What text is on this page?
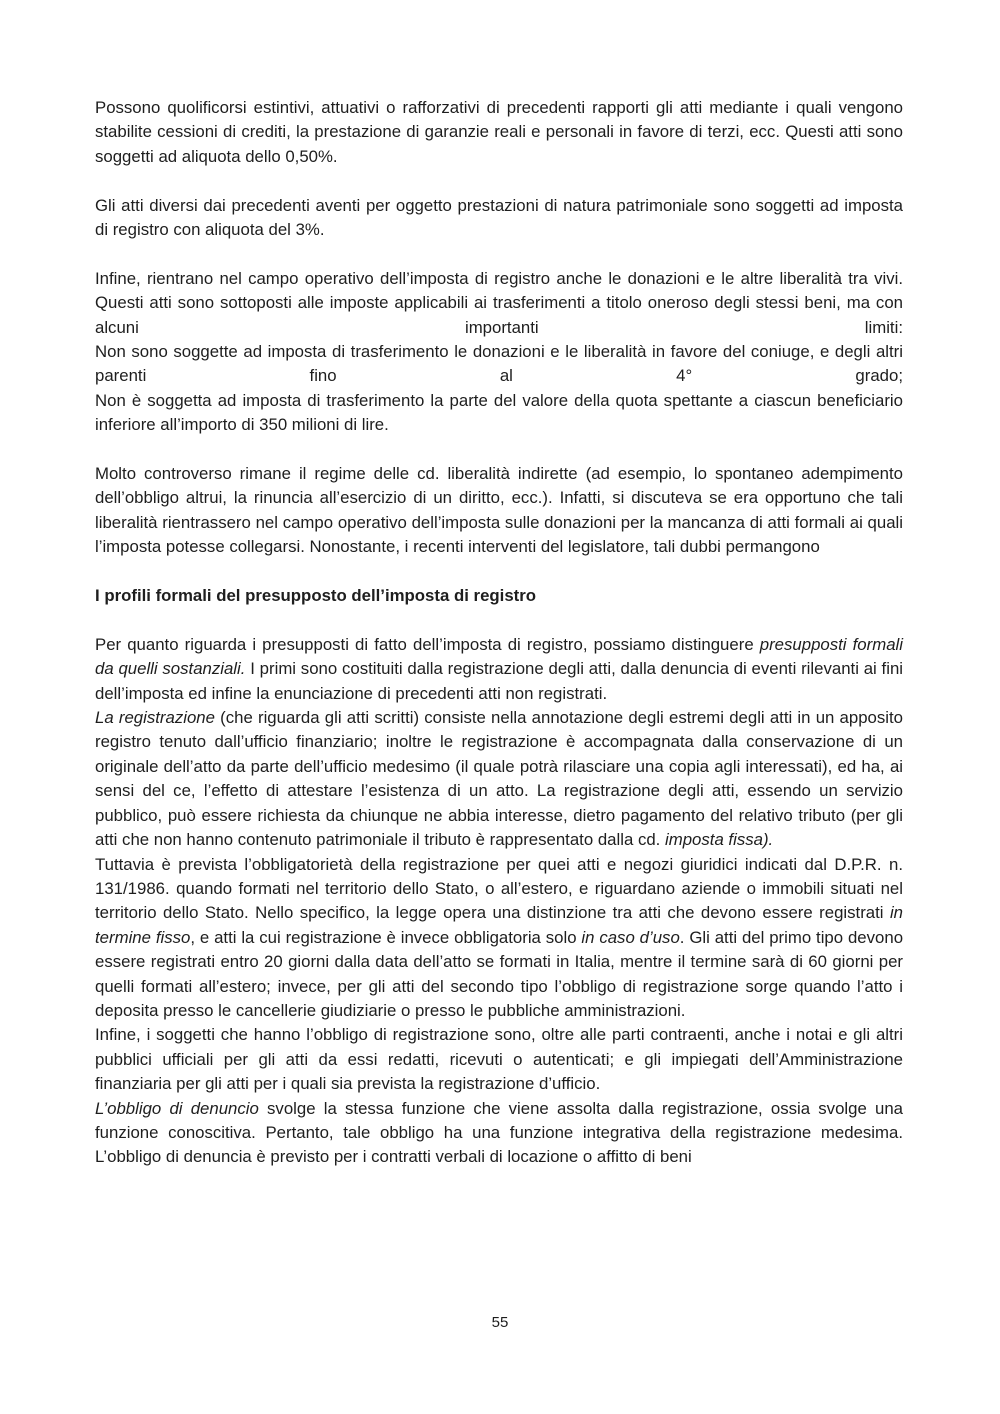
Possono quolificorsi estintivi, attuativi o rafforzativi di precedenti rapporti gli atti mediante i quali vengono stabilite cessioni di crediti, la prestazione di garanzie reali e personali in favore di terzi, ecc. Questi atti sono soggetti ad aliquota dello 0,50%.

Gli atti diversi dai precedenti aventi per oggetto prestazioni di natura patrimoniale sono soggetti ad imposta di registro con aliquota del 3%.

Infine, rientrano nel campo operativo dell’imposta di registro anche le donazioni e le altre liberalità tra vivi. Questi atti sono sottoposti alle imposte applicabili ai trasferimenti a titolo oneroso degli stessi beni, ma con alcuni importanti limiti:

Non sono soggette ad imposta di trasferimento le donazioni e le liberalità in favore del coniuge, e degli altri parenti fino al 4° grado;

Non è soggetta ad imposta di trasferimento la parte del valore della quota spettante a ciascun beneficiario inferiore all’importo di 350 milioni di lire.

Molto controverso rimane il regime delle cd. liberalità indirette (ad esempio, lo spontaneo adempimento dell’obbligo altrui, la rinuncia all’esercizio di un diritto, ecc.). Infatti, si discuteva se era opportuno che tali liberalità rientrassero nel campo operativo dell’imposta sulle donazioni per la mancanza di atti formali ai quali l’imposta potesse collegarsi. Nonostante, i recenti interventi del legislatore, tali dubbi permangono

I profili formali del presupposto dell’imposta di registro

Per quanto riguarda i presupposti di fatto dell’imposta di registro, possiamo distinguere presupposti formali da quelli sostanziali. I primi sono costituiti dalla registrazione degli atti, dalla denuncia di eventi rilevanti ai fini dell’imposta ed infine la enunciazione di precedenti atti non registrati.

La registrazione (che riguarda gli atti scritti) consiste nella annotazione degli estremi degli atti in un apposito registro tenuto dall’ufficio finanziario; inoltre le registrazione è accompagnata dalla conservazione di un originale dell’atto da parte dell’ufficio medesimo (il quale potrà rilasciare una copia agli interessati), ed ha, ai sensi del ce, l’effetto di attestare l’esistenza di un atto. La registrazione degli atti, essendo un servizio pubblico, può essere richiesta da chiunque ne abbia interesse, dietro pagamento del relativo tributo (per gli atti che non hanno contenuto patrimoniale il tributo è rappresentato dalla cd. imposta fissa).

Tuttavia è prevista l’obbligatorietà della registrazione per quei atti e negozi giuridici indicati dal D.P.R. n. 131/1986. quando formati nel territorio dello Stato, o all’estero, e riguardano aziende o immobili situati nel territorio dello Stato. Nello specifico, la legge opera una distinzione tra atti che devono essere registrati in termine fisso, e atti la cui registrazione è invece obbligatoria solo in caso d’uso. Gli atti del primo tipo devono essere registrati entro 20 giorni dalla data dell’atto se formati in Italia, mentre il termine sarà di 60 giorni per quelli formati all’estero; invece, per gli atti del secondo tipo l’obbligo di registrazione sorge quando l’atto i deposita presso le cancellerie giudiziarie o presso le pubbliche amministrazioni.

Infine, i soggetti che hanno l’obbligo di registrazione sono, oltre alle parti contraenti, anche i notai e gli altri pubblici ufficiali per gli atti da essi redatti, ricevuti o autenticati; e gli impiegati dell’Amministrazione finanziaria per gli atti per i quali sia prevista la registrazione d’ufficio.

L’obbligo di denuncio svolge la stessa funzione che viene assolta dalla registrazione, ossia svolge una funzione conoscitiva. Pertanto, tale obbligo ha una funzione integrativa della registrazione medesima. L’obbligo di denuncia è previsto per i contratti verbali di locazione o affitto di beni

55
